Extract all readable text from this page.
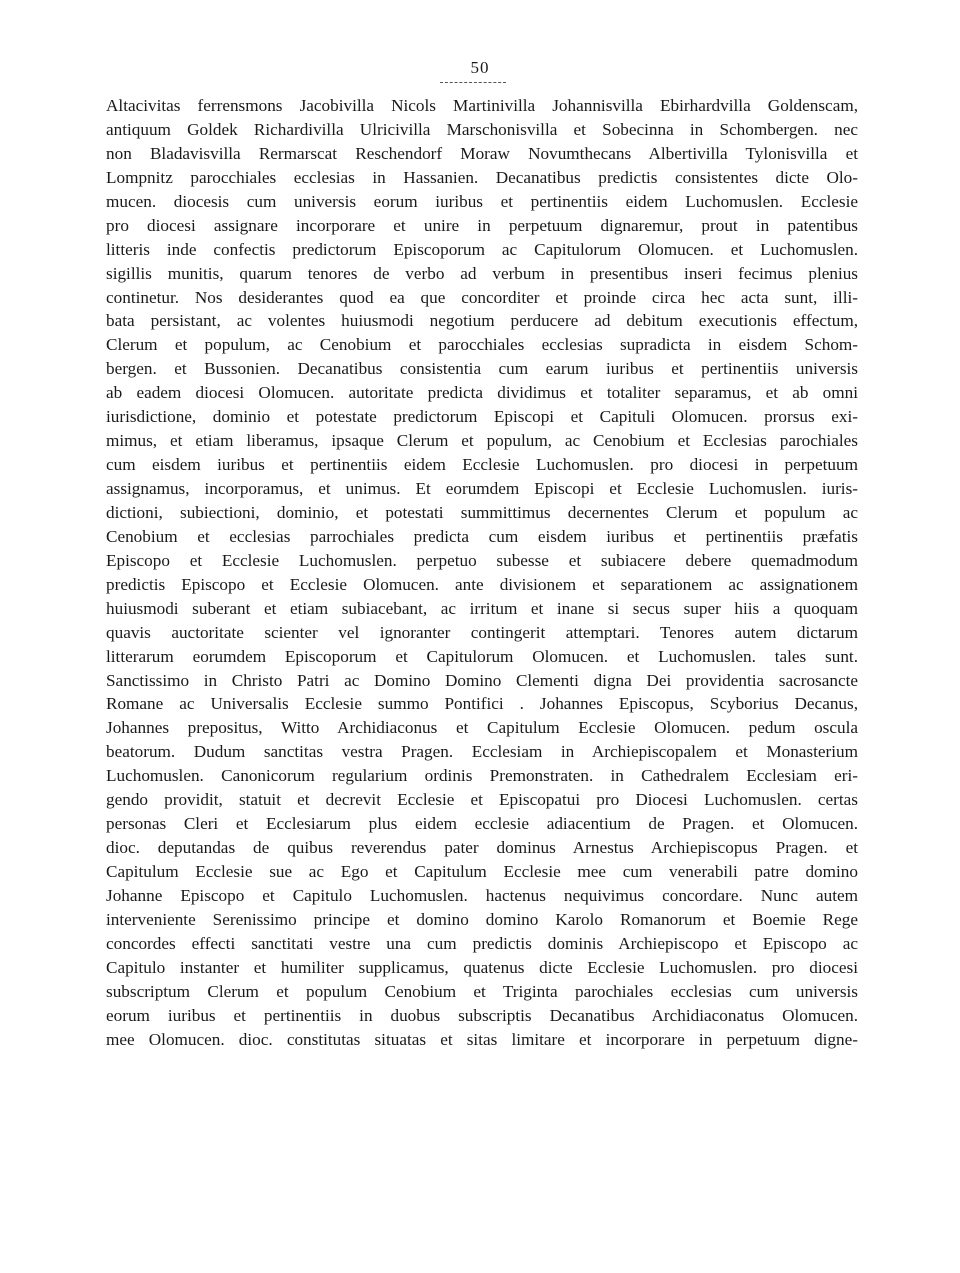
50
Altacivitas ferrensmons Jacobivilla Nicols Martinivilla Johannisvilla Ebirhardvilla Goldenscam,
antiquum Goldek Richardivilla Ulricivilla Marschonisvilla et Sobecinna in Schombergen. nec
non Bladavisvilla Rermarscat Reschendorf Moraw Novumthecans Albertivilla Tylonisvilla et
Lompnitz parocchiales ecclesias in Hassanien. Decanatibus predictis consistentes dicte Olo-
mucen. diocesis cum universis eorum iuribus et pertinentiis eidem Luchomuslen. Ecclesie
pro diocesi assignare incorporare et unire in perpetuum dignaremur, prout in patentibus
litteris inde confectis predictorum Episcoporum ac Capitulorum Olomucen. et Luchomuslen.
sigillis munitis, quarum tenores de verbo ad verbum in presentibus inseri fecimus plenius
continetur. Nos desiderantes quod ea que concorditer et proinde circa hec acta sunt, illi-
bata persistant, ac volentes huiusmodi negotium perducere ad debitum executionis effectum,
Clerum et populum, ac Cenobium et parocchiales ecclesias supradicta in eisdem Schom-
bergen. et Bussonien. Decanatibus consistentia cum earum iuribus et pertinentiis universis
ab eadem diocesi Olomucen. autoritate predicta dividimus et totaliter separamus, et ab omni
iurisdictione, dominio et potestate predictorum Episcopi et Capituli Olomucen. prorsus exi-
mimus, et etiam liberamus, ipsaque Clerum et populum, ac Cenobium et Ecclesias parochiales
cum eisdem iuribus et pertinentiis eidem Ecclesie Luchomuslen. pro diocesi in perpetuum
assignamus, incorporamus, et unimus. Et eorumdem Episcopi et Ecclesie Luchomuslen. iuris-
dictioni, subiectioni, dominio, et potestati summittimus decernentes Clerum et populum ac
Cenobium et ecclesias parrochiales predicta cum eisdem iuribus et pertinentiis præfatis
Episcopo et Ecclesie Luchomuslen. perpetuo subesse et subiacere debere quemadmodum
predictis Episcopo et Ecclesie Olomucen. ante divisionem et separationem ac assignationem
huiusmodi suberant et etiam subiacebant, ac irritum et inane si secus super hiis a quoquam
quavis auctoritate scienter vel ignoranter contingerit attemptari. Tenores autem dictarum
litterarum eorumdem Episcoporum et Capitulorum Olomucen. et Luchomuslen. tales sunt.
Sanctissimo in Christo Patri ac Domino Domino Clementi digna Dei providentia sacrosancte
Romane ac Universalis Ecclesie summo Pontifici . Johannes Episcopus, Scyborius Decanus,
Johannes prepositus, Witto Archidiaconus et Capitulum Ecclesie Olomucen. pedum oscula
beatorum. Dudum sanctitas vestra Pragen. Ecclesiam in Archiepiscopalem et Monasterium
Luchomuslen. Canonicorum regularium ordinis Premonstraten. in Cathedralem Ecclesiam eri-
gendo providit, statuit et decrevit Ecclesie et Episcopatui pro Diocesi Luchomuslen. certas
personas Cleri et Ecclesiarum plus eidem ecclesie adiacentium de Pragen. et Olomucen.
dioc. deputandas de quibus reverendus pater dominus Arnestus Archiepiscopus Pragen. et
Capitulum Ecclesie sue ac Ego et Capitulum Ecclesie mee cum venerabili patre domino
Johanne Episcopo et Capitulo Luchomuslen. hactenus nequivimus concordare. Nunc autem
interveniente Serenissimo principe et domino domino Karolo Romanorum et Boemie Rege
concordes effecti sanctitati vestre una cum predictis dominis Archiepiscopo et Episcopo ac
Capitulo instanter et humiliter supplicamus, quatenus dicte Ecclesie Luchomuslen. pro diocesi
subscriptum Clerum et populum Cenobium et Triginta parochiales ecclesias cum universis
eorum iuribus et pertinentiis in duobus subscriptis Decanatibus Archidiaconatus Olomucen.
mee Olomucen. dioc. constitutas situatas et sitas limitare et incorporare in perpetuum digne-
